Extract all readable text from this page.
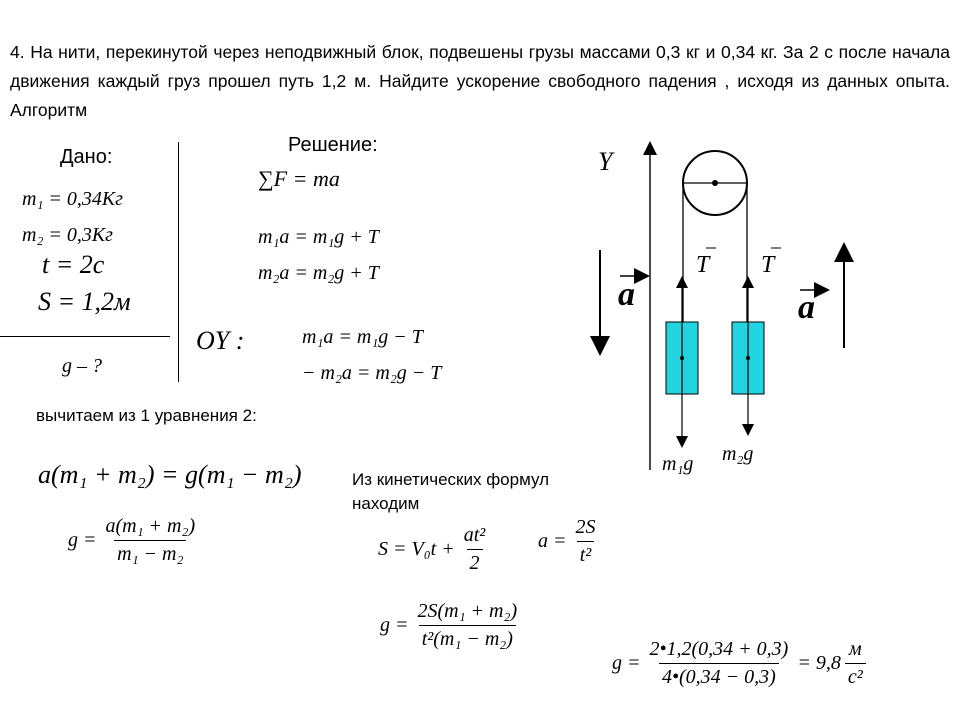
4. На нити, перекинутой через неподвижный блок, подвешены грузы массами 0,3 кг и 0,34 кг. За 2 с после начала движения каждый груз прошел путь 1,2 м. Найдите ускорение свободного падения , исходя из данных опыта. Алгоритм
Дано:
m₁ = 0,34Кг
m₂ = 0,3Кг
t = 2c
S = 1,2м
g – ?
Решение:
∑F = ma
m₁a = m₁g + T
m₂a = m₂g + T
OY :	m₁a = m₁g − T
− m₂a = m₂g − T
вычитаем из 1 уравнения 2:
a(m₁ + m₂) = g(m₁ − m₂)
$g = \frac{\text{a(m₁ + m₂)}}{\text{m₁ − m₂}}$
Из кинетических формул
находим
$S = V_0t + \frac{\text{at²}}{2}$ $a = \frac{2S}{\text{t²}}$
$g = \frac{\text{2S(m₁ + m₂)}}{\text{t²(m₁ − m₂)}}$
$g = \frac{2•1,2(0,34 + 0,3)}{4•(0,34 - 0,3)} = 9,8 \frac{м}{\text{c²}}$
Y
T T
m₁g m₂g
a	a
